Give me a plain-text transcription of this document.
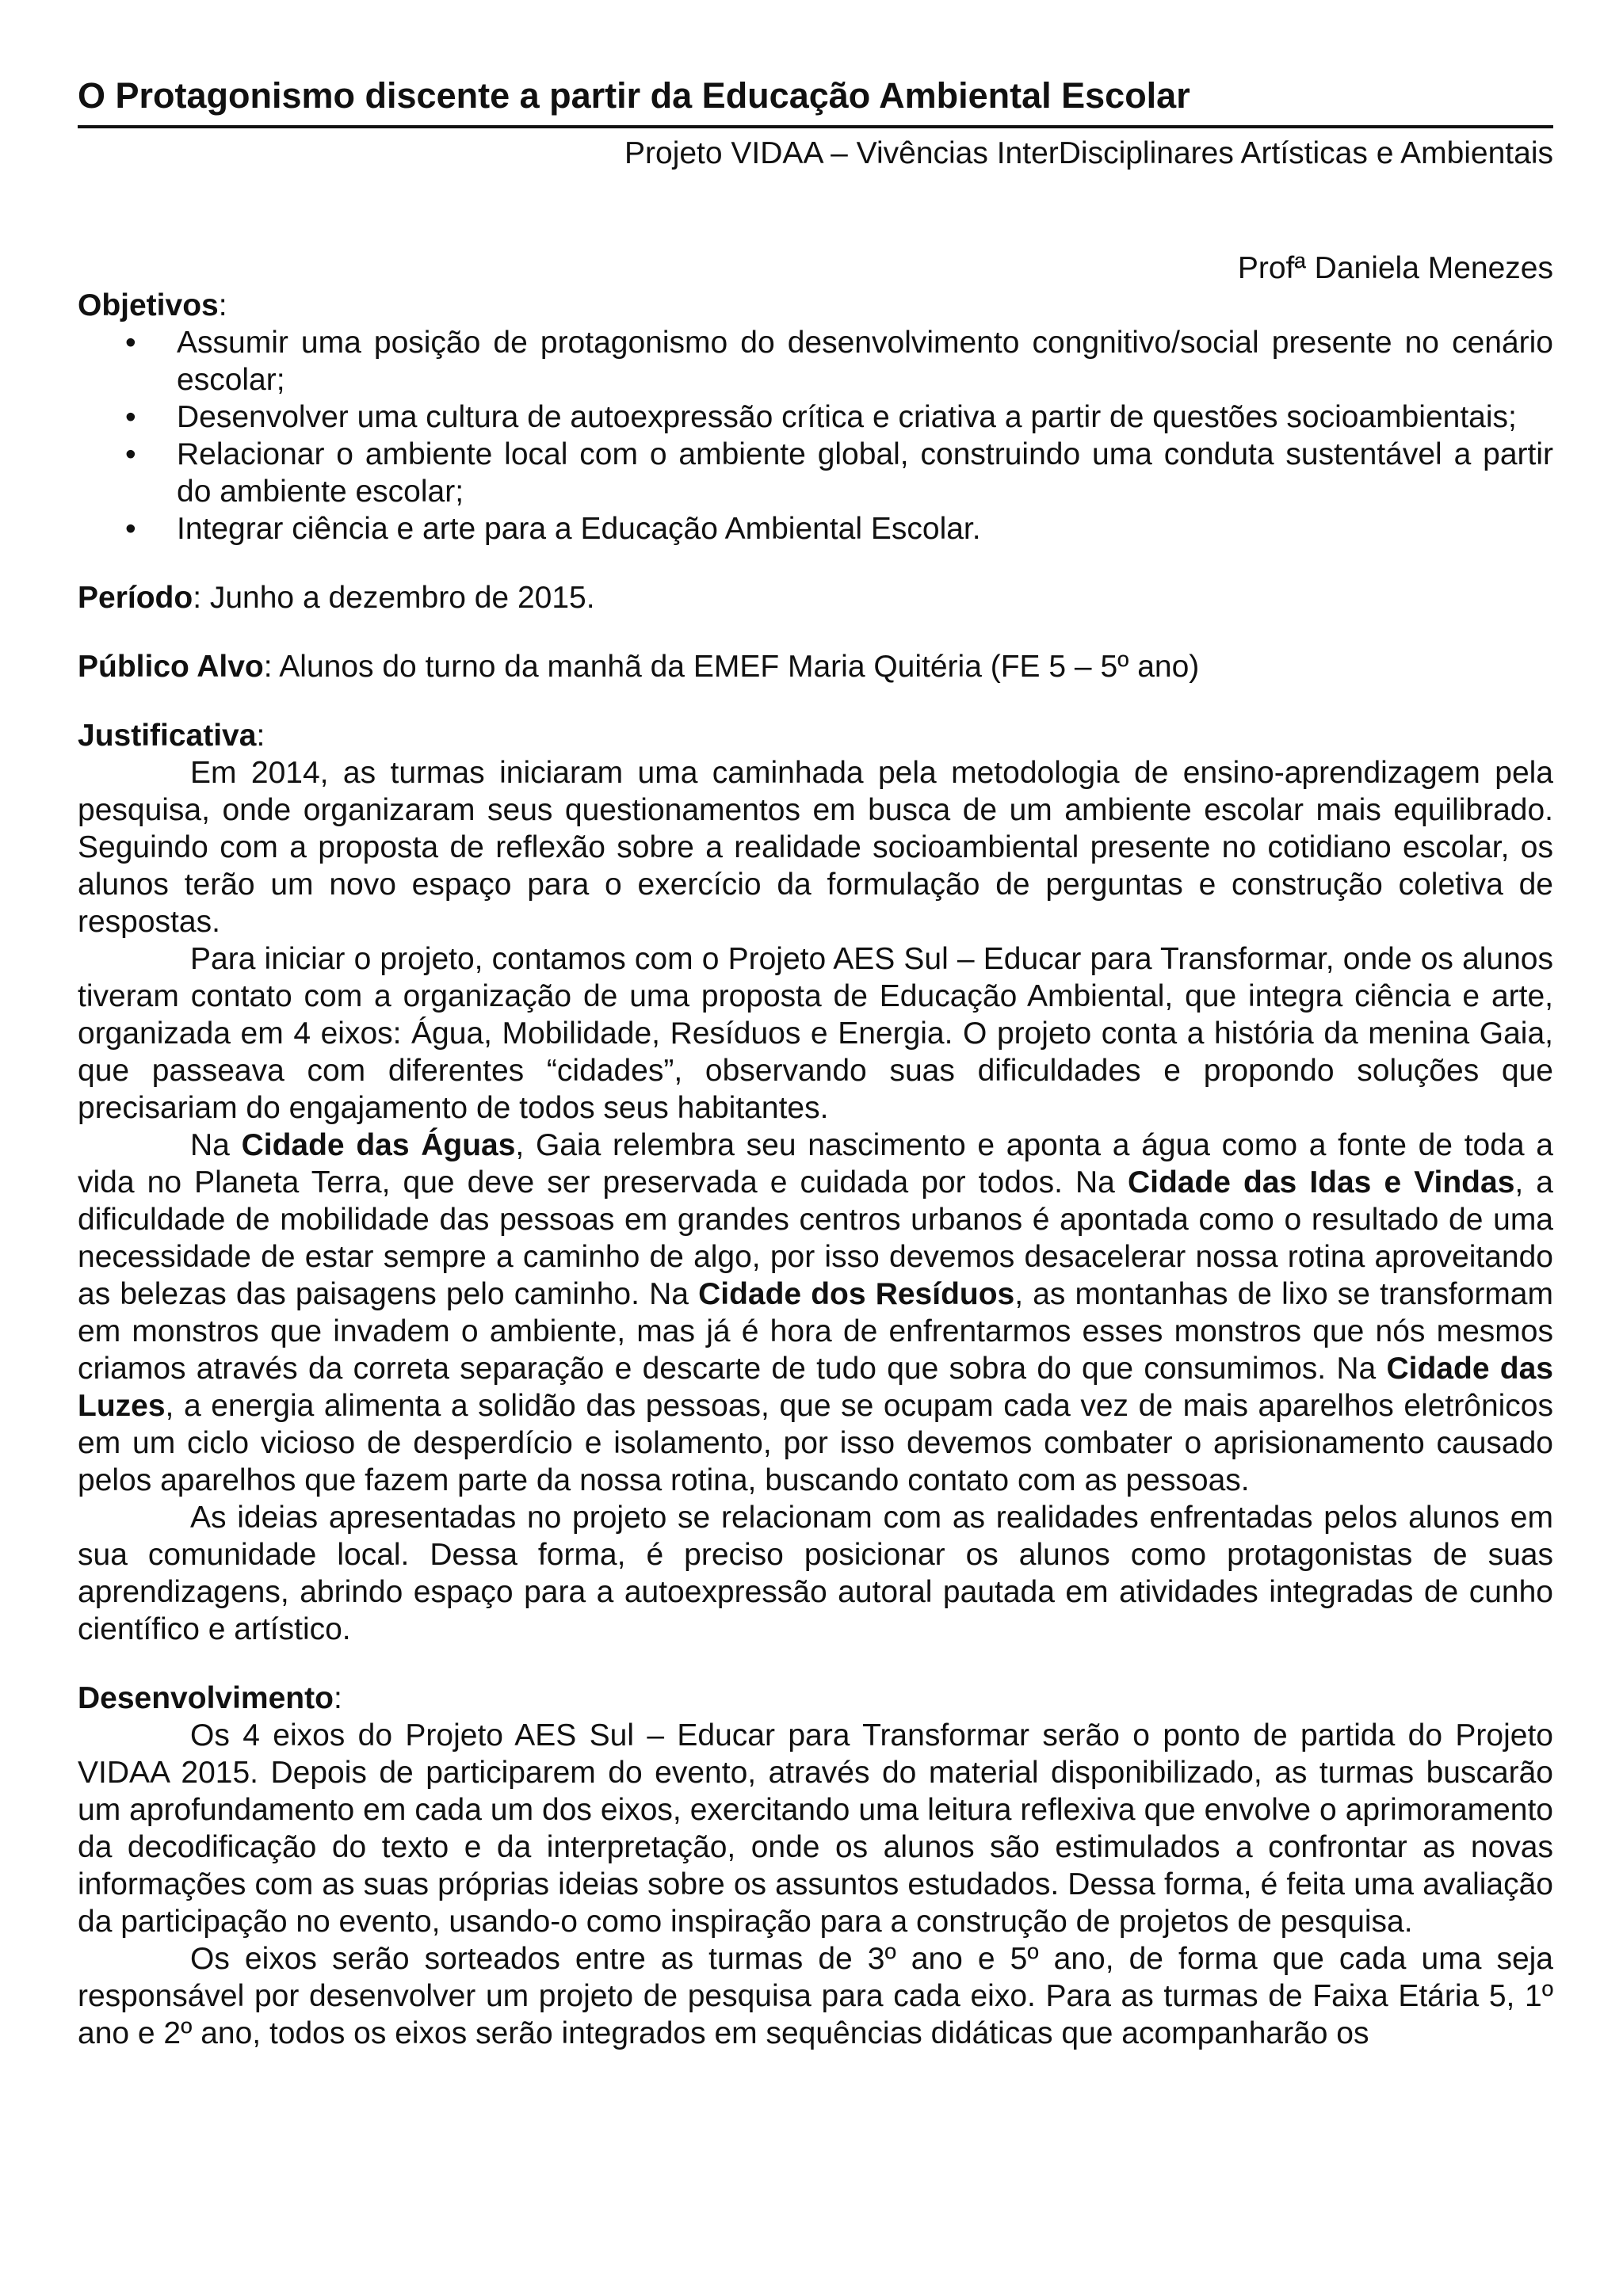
O Protagonismo discente a partir da Educação Ambiental Escolar
Projeto VIDAA – Vivências InterDisciplinares Artísticas e Ambientais
Profª Daniela Menezes
Objetivos:
• Assumir uma posição de protagonismo do desenvolvimento congnitivo/social presente no cenário escolar;
• Desenvolver uma cultura de autoexpressão crítica e criativa a partir de questões socioambientais;
• Relacionar o ambiente local com o ambiente global, construindo uma conduta sustentável a partir do ambiente escolar;
• Integrar ciência e arte para a Educação Ambiental Escolar.
Período: Junho a dezembro de 2015.
Público Alvo: Alunos do turno da manhã da EMEF Maria Quitéria (FE 5 – 5º ano)
Justificativa:

Em 2014, as turmas iniciaram uma caminhada pela metodologia de ensino-aprendizagem pela pesquisa, onde organizaram seus questionamentos em busca de um ambiente escolar mais equilibrado. Seguindo com a proposta de reflexão sobre a realidade socioambiental presente no cotidiano escolar, os alunos terão um novo espaço para o exercício da formulação de perguntas e construção coletiva de respostas.

Para iniciar o projeto, contamos com o Projeto AES Sul – Educar para Transformar, onde os alunos tiveram contato com a organização de uma proposta de Educação Ambiental, que integra ciência e arte, organizada em 4 eixos: Água, Mobilidade, Resíduos e Energia. O projeto conta a história da menina Gaia, que passeava com diferentes “cidades”, observando suas dificuldades e propondo soluções que precisariam do engajamento de todos seus habitantes.

Na Cidade das Águas, Gaia relembra seu nascimento e aponta a água como a fonte de toda a vida no Planeta Terra, que deve ser preservada e cuidada por todos. Na Cidade das Idas e Vindas, a dificuldade de mobilidade das pessoas em grandes centros urbanos é apontada como o resultado de uma necessidade de estar sempre a caminho de algo, por isso devemos desacelerar nossa rotina aproveitando as belezas das paisagens pelo caminho. Na Cidade dos Resíduos, as montanhas de lixo se transformam em monstros que invadem o ambiente, mas já é hora de enfrentarmos esses monstros que nós mesmos criamos através da correta separação e descarte de tudo que sobra do que consumimos. Na Cidade das Luzes, a energia alimenta a solidão das pessoas, que se ocupam cada vez de mais aparelhos eletrônicos em um ciclo vicioso de desperdício e isolamento, por isso devemos combater o aprisionamento causado pelos aparelhos que fazem parte da nossa rotina, buscando contato com as pessoas.

As ideias apresentadas no projeto se relacionam com as realidades enfrentadas pelos alunos em sua comunidade local. Dessa forma, é preciso posicionar os alunos como protagonistas de suas aprendizagens, abrindo espaço para a autoexpressão autoral pautada em atividades integradas de cunho científico e artístico.

Desenvolvimento:

Os 4 eixos do Projeto AES Sul – Educar para Transformar serão o ponto de partida do Projeto VIDAA 2015. Depois de participarem do evento, através do material disponibilizado, as turmas buscarão um aprofundamento em cada um dos eixos, exercitando uma leitura reflexiva que envolve o aprimoramento da decodificação do texto e da interpretação, onde os alunos são estimulados a confrontar as novas informações com as suas próprias ideias sobre os assuntos estudados. Dessa forma, é feita uma avaliação da participação no evento, usando-o como inspiração para a construção de projetos de pesquisa.

Os eixos serão sorteados entre as turmas de 3º ano e 5º ano, de forma que cada uma seja responsável por desenvolver um projeto de pesquisa para cada eixo. Para as turmas de Faixa Etária 5, 1º ano e 2º ano, todos os eixos serão integrados em sequências didáticas que acompanharão os
